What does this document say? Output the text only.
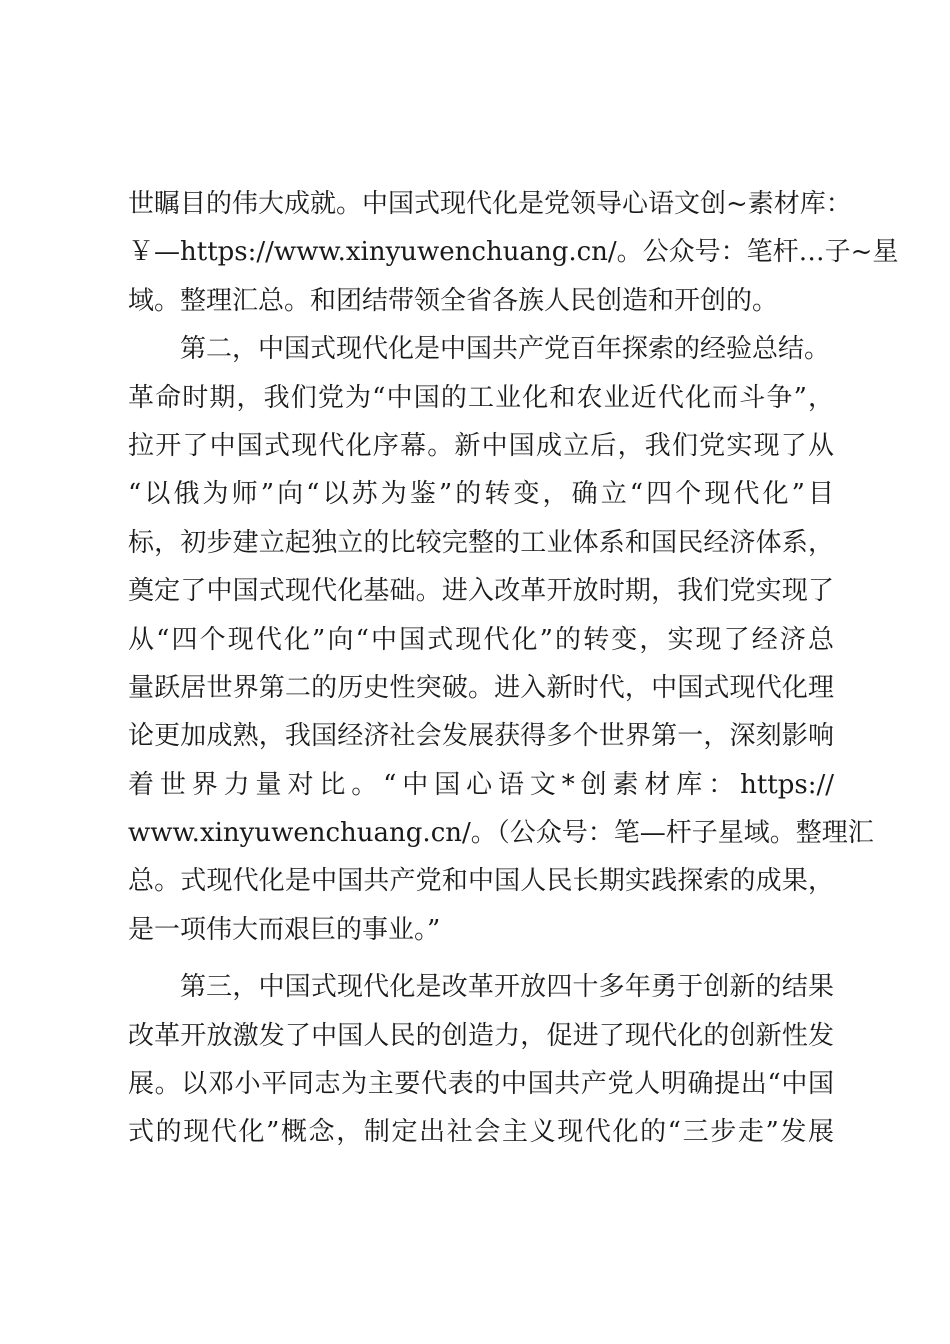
世瞩目的伟大成就。中国式现代化是党领导心语文创~素材库：
￥—https://www.xinyuwenchuang.cn/。公众号：笔杆…子~星
域。整理汇总。和团结带领全省各族人民创造和开创的。
第二，中国式现代化是中国共产党百年探索的经验总结。
革命时期，我们党为“中国的工业化和农业近代化而斗争”，
拉开了中国式现代化序幕。新中国成立后，我们党实现了从
“以俄为师”向“以苏为鉴”的转变，确立“四个现代化”目
标，初步建立起独立的比较完整的工业体系和国民经济体系，
奠定了中国式现代化基础。进入改革开放时期，我们党实现了
从“四个现代化”向“中国式现代化”的转变，实现了经济总
量跃居世界第二的历史性突破。进入新时代，中国式现代化理
论更加成熟，我国经济社会发展获得多个世界第一，深刻影响
着世界力量对比。“中国心语文*创素材库：https://
www.xinyuwenchuang.cn/。（公众号：笔—杆子星域。整理汇
总。式现代化是中国共产党和中国人民长期实践探索的成果，
是一项伟大而艰巨的事业。”
第三，中国式现代化是改革开放四十多年勇于创新的结果
改革开放激发了中国人民的创造力，促进了现代化的创新性发
展。以邓小平同志为主要代表的中国共产党人明确提出“中国
式的现代化”概念，制定出社会主义现代化的“三步走”发展
